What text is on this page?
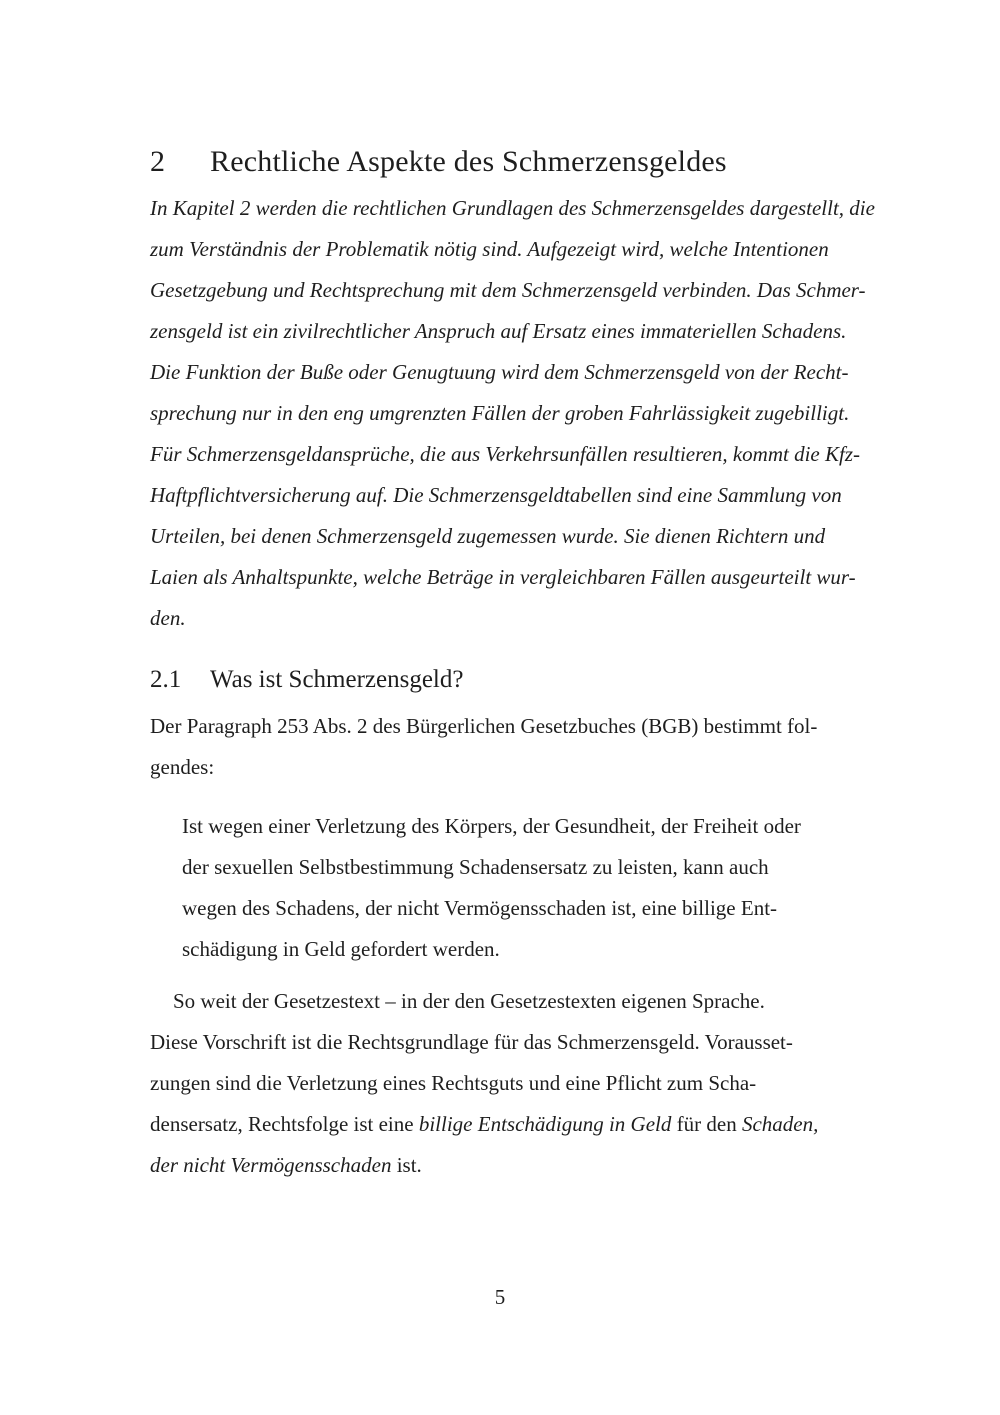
2 Rechtliche Aspekte des Schmerzensgeldes
In Kapitel 2 werden die rechtlichen Grundlagen des Schmerzensgeldes dargestellt, die
zum Verständnis der Problematik nötig sind. Aufgezeigt wird, welche Intentionen
Gesetzgebung und Rechtsprechung mit dem Schmerzensgeld verbinden. Das Schmer-
zensgeld ist ein zivilrechtlicher Anspruch auf Ersatz eines immateriellen Schadens.
Die Funktion der Buße oder Genugtuung wird dem Schmerzensgeld von der Recht-
sprechung nur in den eng umgrenzten Fällen der groben Fahrlässigkeit zugebilligt.
Für Schmerzensgeldansprüche, die aus Verkehrsunfällen resultieren, kommt die Kfz-
Haftpflichtversicherung auf. Die Schmerzensgeldtabellen sind eine Sammlung von
Urteilen, bei denen Schmerzensgeld zugemessen wurde. Sie dienen Richtern und
Laien als Anhaltspunkte, welche Beträge in vergleichbaren Fällen ausgeurteilt wur-
den.
2.1 Was ist Schmerzensgeld?
Der Paragraph 253 Abs. 2 des Bürgerlichen Gesetzbuches (BGB) bestimmt fol-
gendes:
Ist wegen einer Verletzung des Körpers, der Gesundheit, der Freiheit oder
der sexuellen Selbstbestimmung Schadensersatz zu leisten, kann auch
wegen des Schadens, der nicht Vermögensschaden ist, eine billige Ent-
schädigung in Geld gefordert werden.
So weit der Gesetzestext – in der den Gesetzestexten eigenen Sprache.
Diese Vorschrift ist die Rechtsgrundlage für das Schmerzensgeld. Vorausset-
zungen sind die Verletzung eines Rechtsguts und eine Pflicht zum Scha-
densersatz, Rechtsfolge ist eine billige Entschädigung in Geld für den Schaden,
der nicht Vermögensschaden ist.
5
